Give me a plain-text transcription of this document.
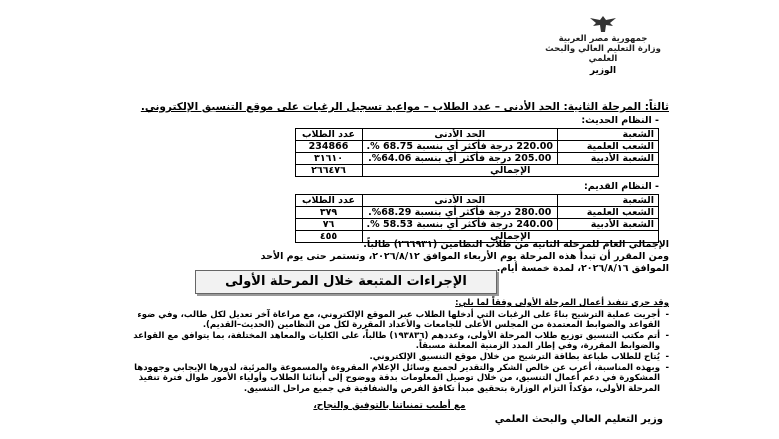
جمهورية مصر العربية
وزارة التعليم العالي والبحث العلمي
الوزير
ثالثاً: المرحلة الثانية: الحد الأدنى – عدد الطلاب – مواعيد تسجيل الرغبات على موقع التنسيق الإلكتروني.
- النظام الحديث:
الشعبة	الحد الأدنى	عدد الطلاب
الشعب العلمية	220.00 درجة فأكثر أي بنسبة 68.75 %.	234866
الشعبة الأدبية	205.00 درجة فأكثر أي بنسبة 64.06%.	٣١٦١٠
الإجمالي		٢٦٦٤٧٦
- النظام القديم:
الشعبة	الحد الأدنى	عدد الطلاب
الشعب العلمية	280.00 درجة فأكثر أي بنسبة 68.29%.	٣٧٩
الشعبة الأدبية	240.00 درجة فأكثر أي بنسبة 58.53 %.	٧٦
الإجمالي		٤٥٥
الإجمالي العام للمرحلة الثانية من طلاب النظامين (٢٦٦٩٣١) طالباً.
ومن المقرر أن تبدأ هذه المرحلة يوم الأربعاء الموافق ٢٠٢٦/٨/١٢، وتستمر حتى يوم الأحد
الموافق ٢٠٢٦/٨/١٦، لمدة خمسة أيام.
الإجراءات المتبعة خلال المرحلة الأولى
وقد جرى تنفيذ أعمال المرحلة الأولى وفقاً لما يلي:
- أجريت عملية الترشيح بناءً على الرغبات التي أدخلها الطلاب عبر الموقع الإلكتروني، مع مراعاة آخر تعديل لكل طالب، وفي ضوء القواعد والضوابط المعتمدة من المجلس الأعلى للجامعات والأعداد المقررة لكل من النظامين (الحديث–القديم).
- أتم مكتب التنسيق توزيع طلاب المرحلة الأولى، وعددهم (١٩٣٨٣٦) طالباً، على الكليات والمعاهد المختلفة، بما يتوافق مع القواعد والضوابط المقررة، وفي إطار المدد الزمنية المعلنة مسبقاً.
- يُتاح للطلاب طباعة بطاقة الترشيح من خلال موقع التنسيق الإلكتروني.
- وبهذه المناسبة، أعرب عن خالص الشكر والتقدير لجميع وسائل الإعلام المقروءة والمسموعة والمرئية، لدورها الإيجابي وجهودها المشكورة في دعم أعمال التنسيق، من خلال توصيل المعلومات بدقة ووضوح إلى أبنائنا الطلاب وأولياء الأمور طوال فترة تنفيذ المرحلة الأولى، مؤكداً التزام الوزارة بتحقيق مبدأ تكافؤ الفرص والشفافية في جميع مراحل التنسيق.
مع أطيب تمنياتنا بالتوفيق والنجاح،
وزير التعليم العالي والبحث العلمي
